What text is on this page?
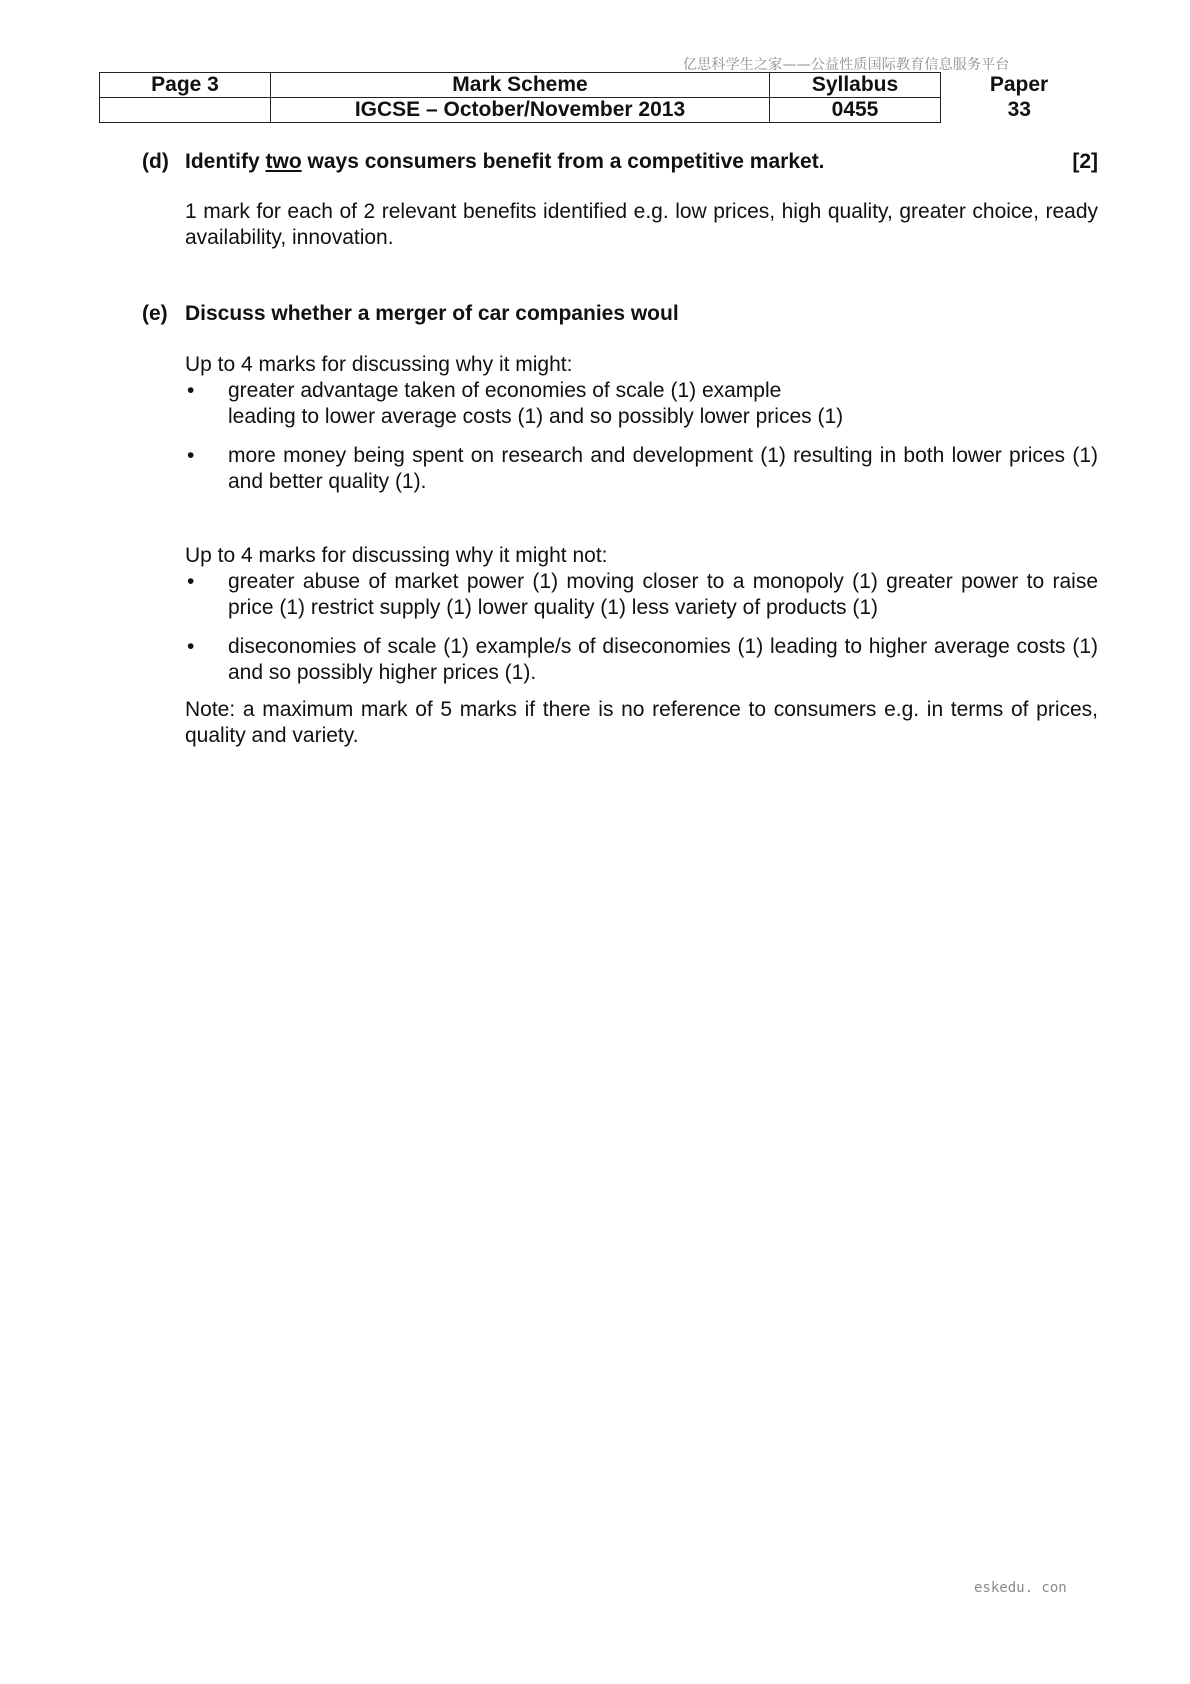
亿思科学生之家——公益性质国际教育信息服务平台
Page 3	Mark Scheme	Syllabus	Paper
	IGCSE – October/November 2013	0455	33
(d) Identify two ways consumers benefit from a competitive market.	[2]
1 mark for each of 2 relevant benefits identified e.g. low prices, high quality, greater choice, ready availability, innovation.
(e) Discuss whether a merger of car companies woul
Up to 4 marks for discussing why it might:
• greater advantage taken of economies of scale (1) example
leading to lower average costs (1) and so possibly lower prices (1)
• more money being spent on research and development (1) resulting in both lower prices (1) and better quality (1).
Up to 4 marks for discussing why it might not:
• greater abuse of market power (1) moving closer to a monopoly (1) greater power to raise price (1) restrict supply (1) lower quality (1) less variety of products (1)
• diseconomies of scale (1) example/s of diseconomies (1) leading to higher average costs (1) and so possibly higher prices (1).
Note: a maximum mark of 5 marks if there is no reference to consumers e.g. in terms of prices, quality and variety.
eskedu. con
